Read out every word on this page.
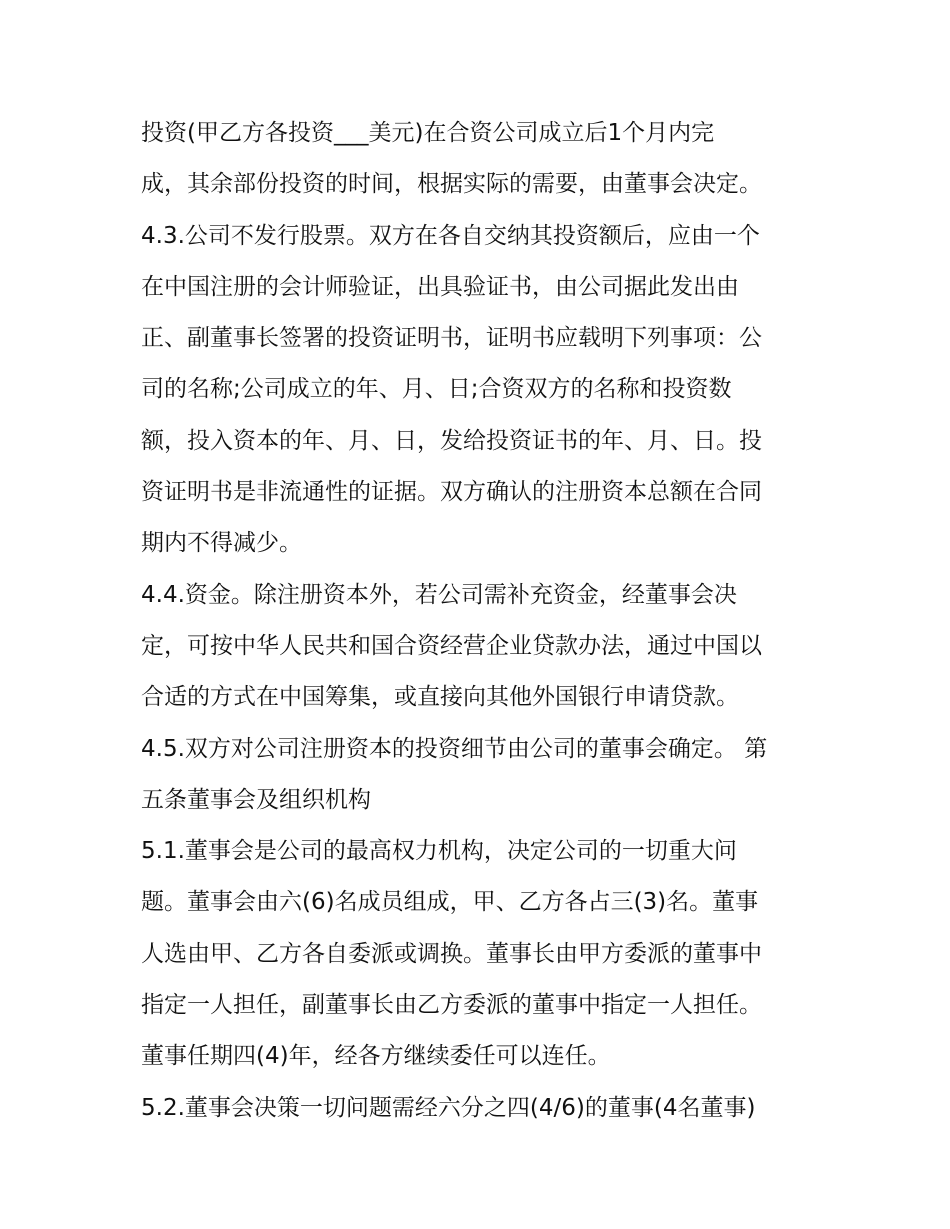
投资(甲乙方各投资___美元)在合资公司成立后1个月内完
成，其余部份投资的时间，根据实际的需要，由董事会决定。
4.3.公司不发行股票。双方在各自交纳其投资额后，应由一个
在中国注册的会计师验证，出具验证书，由公司据此发出由
正、副董事长签署的投资证明书，证明书应载明下列事项：公
司的名称;公司成立的年、月、日;合资双方的名称和投资数
额，投入资本的年、月、日，发给投资证书的年、月、日。投
资证明书是非流通性的证据。双方确认的注册资本总额在合同
期内不得减少。
4.4.资金。除注册资本外，若公司需补充资金，经董事会决
定，可按中华人民共和国合资经营企业贷款办法，通过中国以
合适的方式在中国筹集，或直接向其他外国银行申请贷款。
4.5.双方对公司注册资本的投资细节由公司的董事会确定。 第
五条董事会及组织机构
5.1.董事会是公司的最高权力机构，决定公司的一切重大问
题。董事会由六(6)名成员组成，甲、乙方各占三(3)名。董事
人选由甲、乙方各自委派或调换。董事长由甲方委派的董事中
指定一人担任，副董事长由乙方委派的董事中指定一人担任。
董事任期四(4)年，经各方继续委任可以连任。
5.2.董事会决策一切问题需经六分之四(4/6)的董事(4名董事)
